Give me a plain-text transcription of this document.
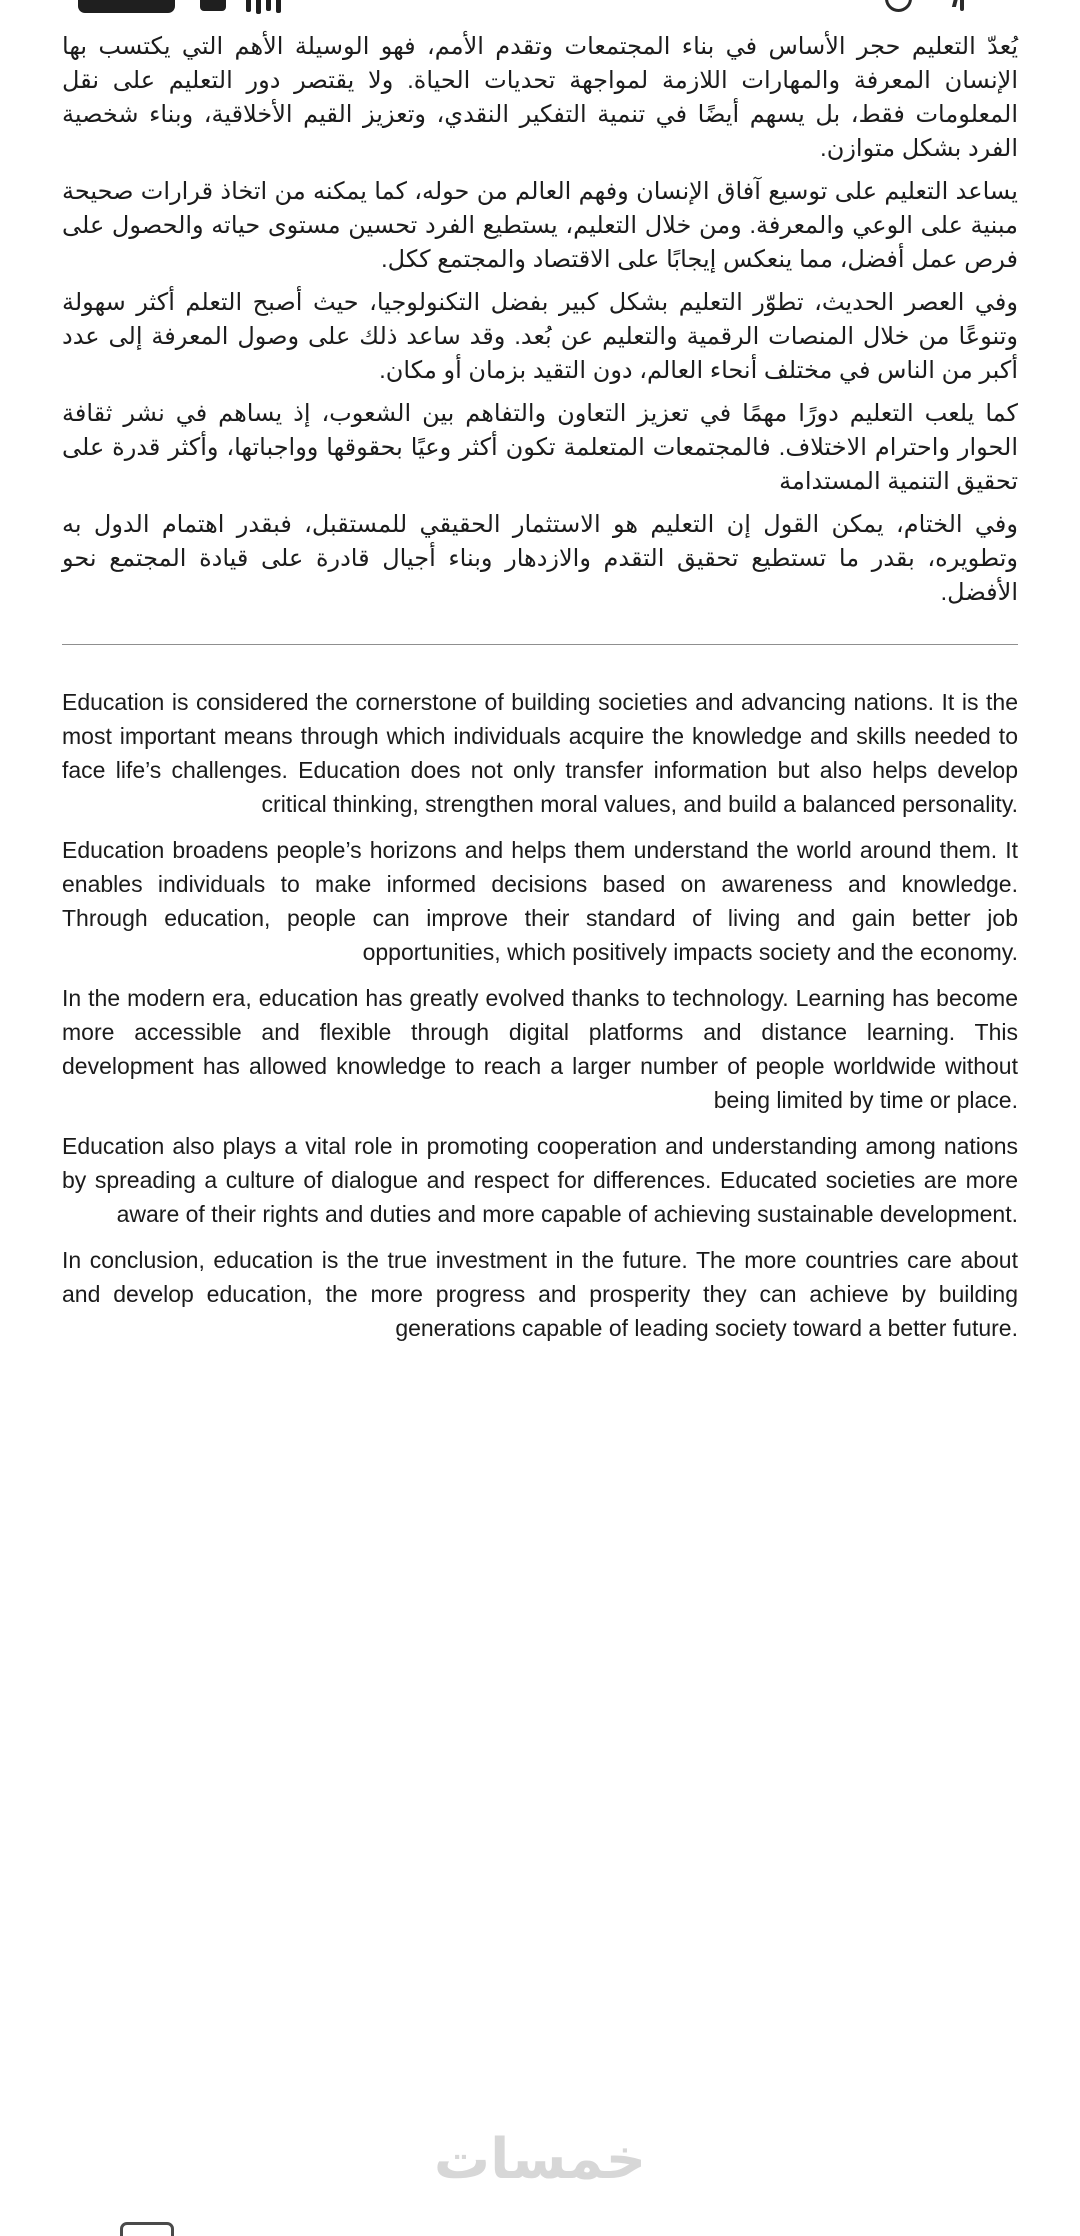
يُعدّ التعليم حجر الأساس في بناء المجتمعات وتقدم الأمم، فهو الوسيلة الأهم التي يكتسب بها الإنسان المعرفة والمهارات اللازمة لمواجهة تحديات الحياة. ولا يقتصر دور التعليم على نقل المعلومات فقط، بل يسهم أيضًا في تنمية التفكير النقدي، وتعزيز القيم الأخلاقية، وبناء شخصية الفرد بشكل متوازن.

يساعد التعليم على توسيع آفاق الإنسان وفهم العالم من حوله، كما يمكنه من اتخاذ قرارات صحيحة مبنية على الوعي والمعرفة. ومن خلال التعليم، يستطيع الفرد تحسين مستوى حياته والحصول على فرص عمل أفضل، مما ينعكس إيجابًا على الاقتصاد والمجتمع ككل.

وفي العصر الحديث، تطوّر التعليم بشكل كبير بفضل التكنولوجيا، حيث أصبح التعلم أكثر سهولة وتنوعًا من خلال المنصات الرقمية والتعليم عن بُعد. وقد ساعد ذلك على وصول المعرفة إلى عدد أكبر من الناس في مختلف أنحاء العالم، دون التقيد بزمان أو مكان.

كما يلعب التعليم دورًا مهمًا في تعزيز التعاون والتفاهم بين الشعوب، إذ يساهم في نشر ثقافة الحوار واحترام الاختلاف. فالمجتمعات المتعلمة تكون أكثر وعيًا بحقوقها وواجباتها، وأكثر قدرة على تحقيق التنمية المستدامة

وفي الختام، يمكن القول إن التعليم هو الاستثمار الحقيقي للمستقبل، فبقدر اهتمام الدول به وتطويره، بقدر ما تستطيع تحقيق التقدم والازدهار وبناء أجيال قادرة على قيادة المجتمع نحو الأفضل.

Education is considered the cornerstone of building societies and advancing nations. It is the most important means through which individuals acquire the knowledge and skills needed to face life’s challenges. Education does not only transfer information but also helps develop critical thinking, strengthen moral values, and build a balanced personality.

Education broadens people’s horizons and helps them understand the world around them. It enables individuals to make informed decisions based on awareness and knowledge. Through education, people can improve their standard of living and gain better job opportunities, which positively impacts society and the economy.

In the modern era, education has greatly evolved thanks to technology. Learning has become more accessible and flexible through digital platforms and distance learning. This development has allowed knowledge to reach a larger number of people worldwide without being limited by time or place.

Education also plays a vital role in promoting cooperation and understanding among nations by spreading a culture of dialogue and respect for differences. Educated societies are more aware of their rights and duties and more capable of achieving sustainable development.

In conclusion, education is the true investment in the future. The more countries care about and develop education, the more progress and prosperity they can achieve by building generations capable of leading society toward a better future.

خمسات
